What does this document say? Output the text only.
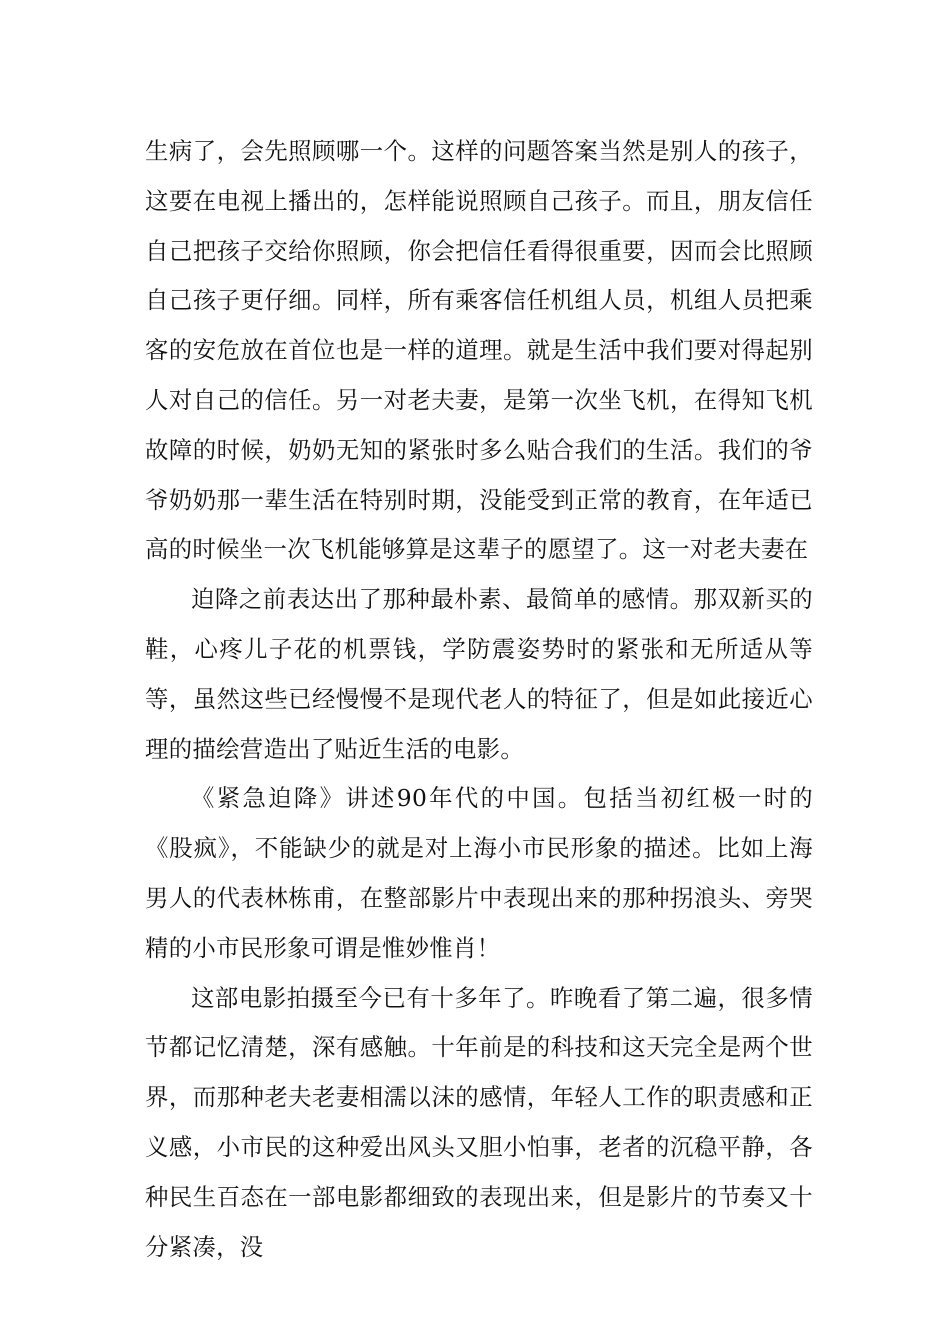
生病了，会先照顾哪一个。这样的问题答案当然是别人的孩子，这要在电视上播出的，怎样能说照顾自己孩子。而且，朋友信任自己把孩子交给你照顾，你会把信任看得很重要，因而会比照顾自己孩子更仔细。同样，所有乘客信任机组人员，机组人员把乘客的安危放在首位也是一样的道理。就是生活中我们要对得起别人对自己的信任。另一对老夫妻，是第一次坐飞机，在得知飞机故障的时候，奶奶无知的紧张时多么贴合我们的生活。我们的爷爷奶奶那一辈生活在特别时期，没能受到正常的教育，在年适已高的时候坐一次飞机能够算是这辈子的愿望了。这一对老夫妻在

迫降之前表达出了那种最朴素、最简单的感情。那双新买的鞋，心疼儿子花的机票钱，学防震姿势时的紧张和无所适从等等，虽然这些已经慢慢不是现代老人的特征了，但是如此接近心理的描绘营造出了贴近生活的电影。

《紧急迫降》讲述90年代的中国。包括当初红极一时的《股疯》，不能缺少的就是对上海小市民形象的描述。比如上海男人的代表林栋甫，在整部影片中表现出来的那种拐浪头、旁哭精的小市民形象可谓是惟妙惟肖！

这部电影拍摄至今已有十多年了。昨晚看了第二遍，很多情节都记忆清楚，深有感触。十年前是的科技和这天完全是两个世界，而那种老夫老妻相濡以沫的感情，年轻人工作的职责感和正义感，小市民的这种爱出风头又胆小怕事，老者的沉稳平静，各种民生百态在一部电影都细致的表现出来，但是影片的节奏又十分紧凑，没
